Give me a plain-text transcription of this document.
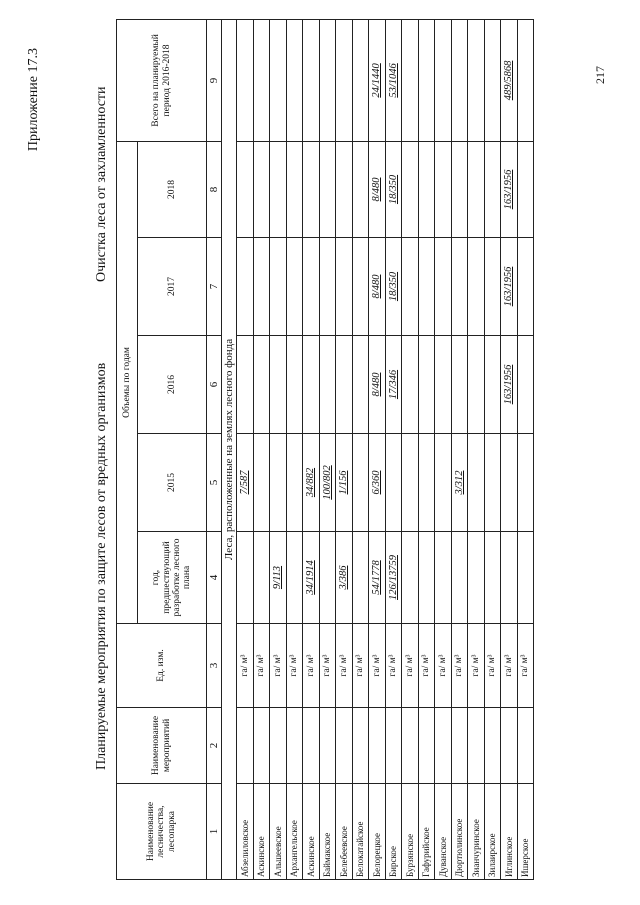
217
Приложение 17.3
Планируемые мероприятия по защите лесов от вредных организмов
Очистка леса от захламленности
Наименование лесничества, лесопарка	Наименование мероприятий	Ед. изм.	Объемы по годам					Всего на планируемый период 2016-2018
			год, предшествующий разработке лесного плана	2015	2016	2017	2018	
1	2	3	4	5	6	7	8	9
Леса, расположенные на землях лесного фонда								
Абзелиловское		га/ м³		7/587				
Аскинское		га/ м³						
Альшеевское		га/ м³	9/113					
Архангельское		га/ м³						
Аскинское		га/ м³	34/1914	34/882				
Баймакское		га/ м³		100/802				
Белебеевское		га/ м³	3/386	1/156				
Белокатайское		га/ м³						
Белорецкое		га/ м³	54/1778	6/360	8/480	8/480	8/480	24/1440
Бирское		га/ м³	126/13759		17/346	18/350	18/350	53/1046
Бурзянское		га/ м³						
Гафурийское		га/ м³						
Дуванское		га/ м³						
Дюртюлинское		га/ м³		3/312				
Зианчуринское		га/ м³						
Зилаирское		га/ м³						
Иглинское		га/ м³			163/1956	163/1956	163/1956	489/5868
Ишерское		га/ м³						
